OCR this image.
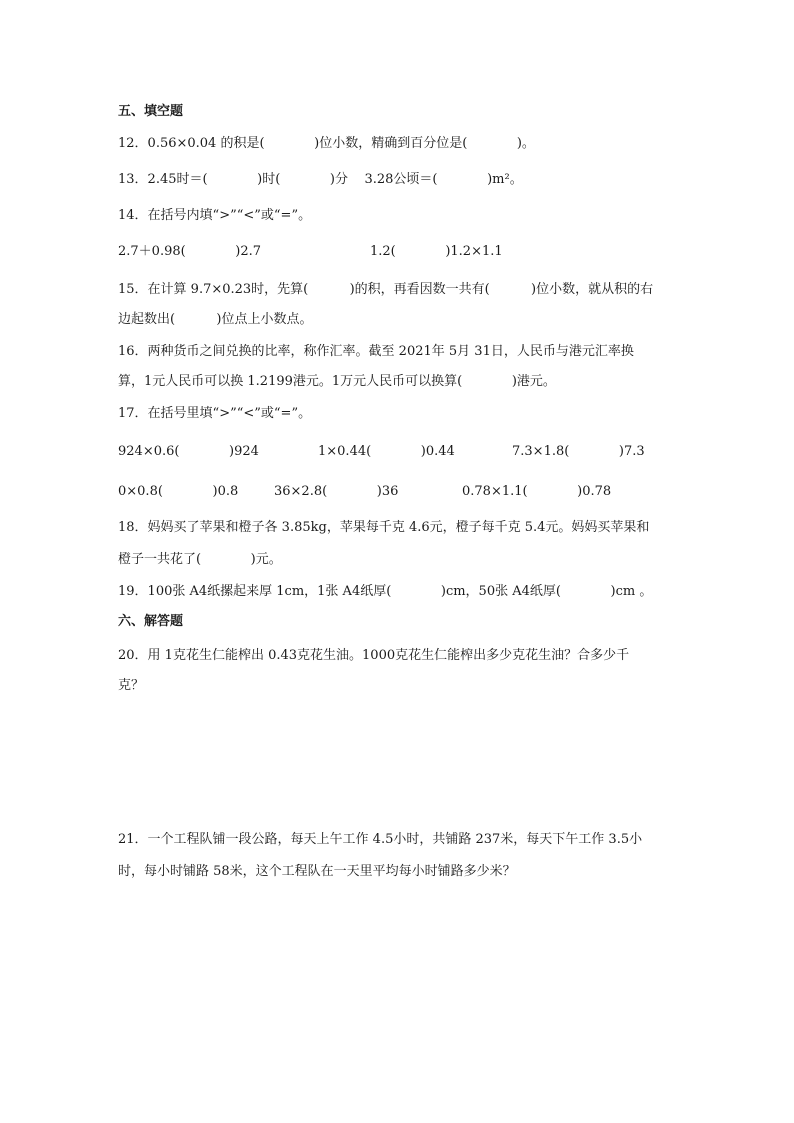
五、填空题
12．0.56×0.04 的积是(            )位小数，精确到百分位是(            )。
13．2.45时＝(            )时(            )分    3.28公顷＝(            )m²。
14．在括号内填“>”“<”或“=”。
2.7＋0.98(            )2.7	1.2(            )1.2×1.1
15．在计算 9.7×0.23时，先算(          )的积，再看因数一共有(          )位小数，就从积的右
边起数出(          )位点上小数点。
16．两种货币之间兑换的比率，称作汇率。截至 2021年 5月 31日，人民币与港元汇率换
算，1元人民币可以换 1.2199港元。1万元人民币可以换算(            )港元。
17．在括号里填“>”“<”或“=”。
924×0.6(            )924	1×0.44(            )0.44	7.3×1.8(            )7.3
0×0.8(            )0.8	36×2.8(            )36	0.78×1.1(            )0.78
18．妈妈买了苹果和橙子各 3.85kg，苹果每千克 4.6元，橙子每千克 5.4元。妈妈买苹果和
橙子一共花了(            )元。
19．100张 A4纸摞起来厚 1cm，1张 A4纸厚(            )cm，50张 A4纸厚(            )cm 。
六、解答题
20．用 1克花生仁能榨出 0.43克花生油。1000克花生仁能榨出多少克花生油？合多少千
克？
21．一个工程队铺一段公路，每天上午工作 4.5小时，共铺路 237米，每天下午工作 3.5小
时，每小时铺路 58米，这个工程队在一天里平均每小时铺路多少米？
